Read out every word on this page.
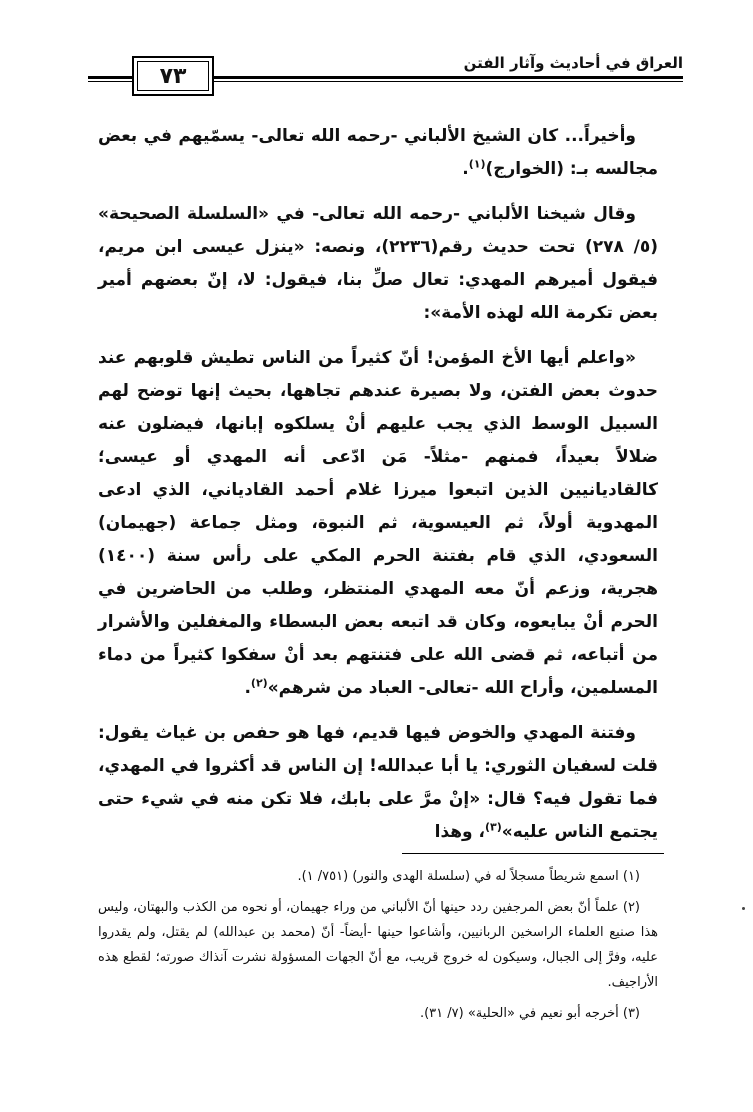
٧٣
العراق في أحاديث وآثار الفتن

وأخيراً... كان الشيخ الألباني -رحمه الله تعالى- يسمّيهم في بعض مجالسه بـ: (الخوارج)$^{(١)}$.

وقال شيخنا الألباني -رحمه الله تعالى- في «السلسلة الصحيحة» (٥/ ٢٧٨) تحت حديث رقم(٢٢٣٦)، ونصه: «ينزل عيسى ابن مريم، فيقول أميرهم المهدي: تعال صلِّ بنا، فيقول: لا، إنّ بعضهم أمير بعض تكرمة الله لهذه الأمة»:

«واعلم أيها الأخ المؤمن! أنّ كثيراً من الناس تطيش قلوبهم عند حدوث بعض الفتن، ولا بصيرة عندهم تجاهها، بحيث إنها توضح لهم السبيل الوسط الذي يجب عليهم أنْ يسلكوه إبانها، فيضلون عنه ضلالاً بعيداً، فمنهم -مثلاً- مَن ادّعى أنه المهدي أو عيسى؛ كالقاديانيين الذين اتبعوا ميرزا غلام أحمد القادياني، الذي ادعى المهدوية أولاً، ثم العيسوية، ثم النبوة، ومثل جماعة (جهيمان) السعودي، الذي قام بفتنة الحرم المكي على رأس سنة (١٤٠٠) هجرية، وزعم أنّ معه المهدي المنتظر، وطلب من الحاضرين في الحرم أنْ يبايعوه، وكان قد اتبعه بعض البسطاء والمغفلين والأشرار من أتباعه، ثم قضى الله على فتنتهم بعد أنْ سفكوا كثيراً من دماء المسلمين، وأراح الله -تعالى- العباد من شرهم»$^{(٢)}$.

وفتنة المهدي والخوض فيها قديم، فها هو حفص بن غياث يقول: قلت لسفيان الثوري: يا أبا عبدالله! إن الناس قد أكثروا في المهدي، فما تقول فيه؟ قال: «إنْ مرَّ على بابك، فلا تكن منه في شيء حتى يجتمع الناس عليه»$^{(٣)}$، وهذا

(١) اسمع شريطاً مسجلاً له في (سلسلة الهدى والنور) (٧٥١/ ١).

(٢) علماً أنّ بعض المرجفين ردد حينها أنّ الألباني من وراء جهيمان، أو نحوه من الكذب والبهتان، وليس هذا صنيع العلماء الراسخين الربانيين، وأشاعوا حينها -أيضاً- أنّ (محمد بن عبدالله) لم يقتل، ولم يقدروا عليه، وفرَّ إلى الجبال، وسيكون له خروج قريب، مع أنّ الجهات المسؤولة نشرت آنذاك صورته؛ لقطع هذه الأراجيف.

(٣) أخرجه أبو نعيم في «الحلية» (٧/ ٣١).
